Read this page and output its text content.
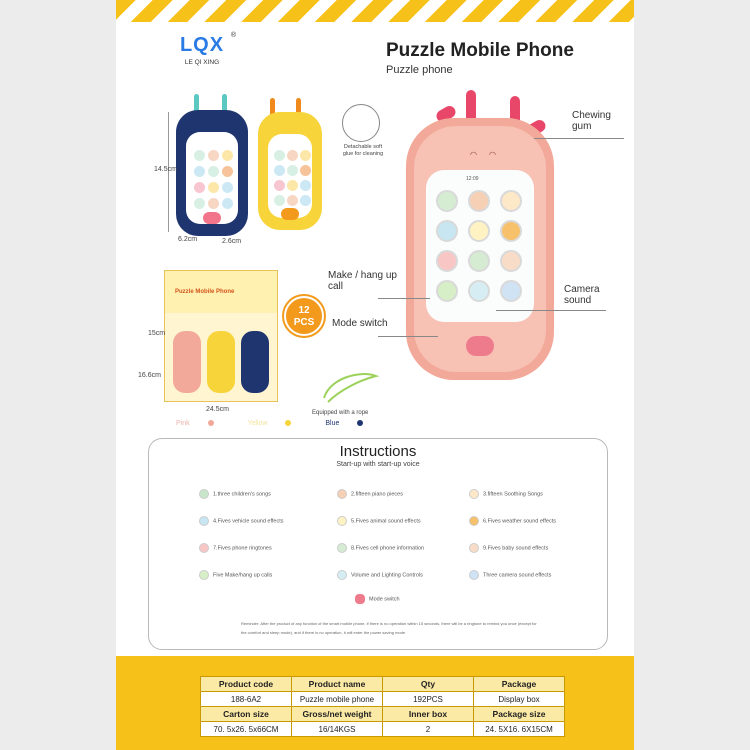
LQX
LE QI XING
®
Puzzle Mobile Phone
Puzzle phone
14.5cm
6.2cm	2.6cm
Puzzle Mobile Phone
12
PCS
15cm
16.6cm
24.5cm
Pink	Yellow	Blue
Detachable soft glue for cleaning	◠◠
12:09
Chewing gum
Make / hang up call
Mode switch
Camera sound
Equipped with a rope
Instructions
Start-up with start-up voice
1.three children's songs	2.fifteen piano pieces	3.fifteen Soothing Songs
4.Fives vehicle sound effects	5.Fives animal sound effects	6.Fives weather sound effects
7.Fives phone ringtones	8.Fives cell phone information	9.Fives baby sound effects
Five Make/hang up calls	Volume and Lighting Controls	Three camera sound effects
Mode switch
Reminder: After the product of any function of the smart mobile phone, if there is no operation within 15 seconds, there will be a ringtone to remind you once (except for the comfort and sleep mode), and if there is no operation, it will enter the power saving mode
Product code	Product name	Qty	Package
188-6A2	Puzzle mobile phone	192PCS	Display box
Carton size	Gross/net weight	Inner box	Package size
70. 5x26. 5x66CM	16/14KGS	2	24. 5X16. 6X15CM
